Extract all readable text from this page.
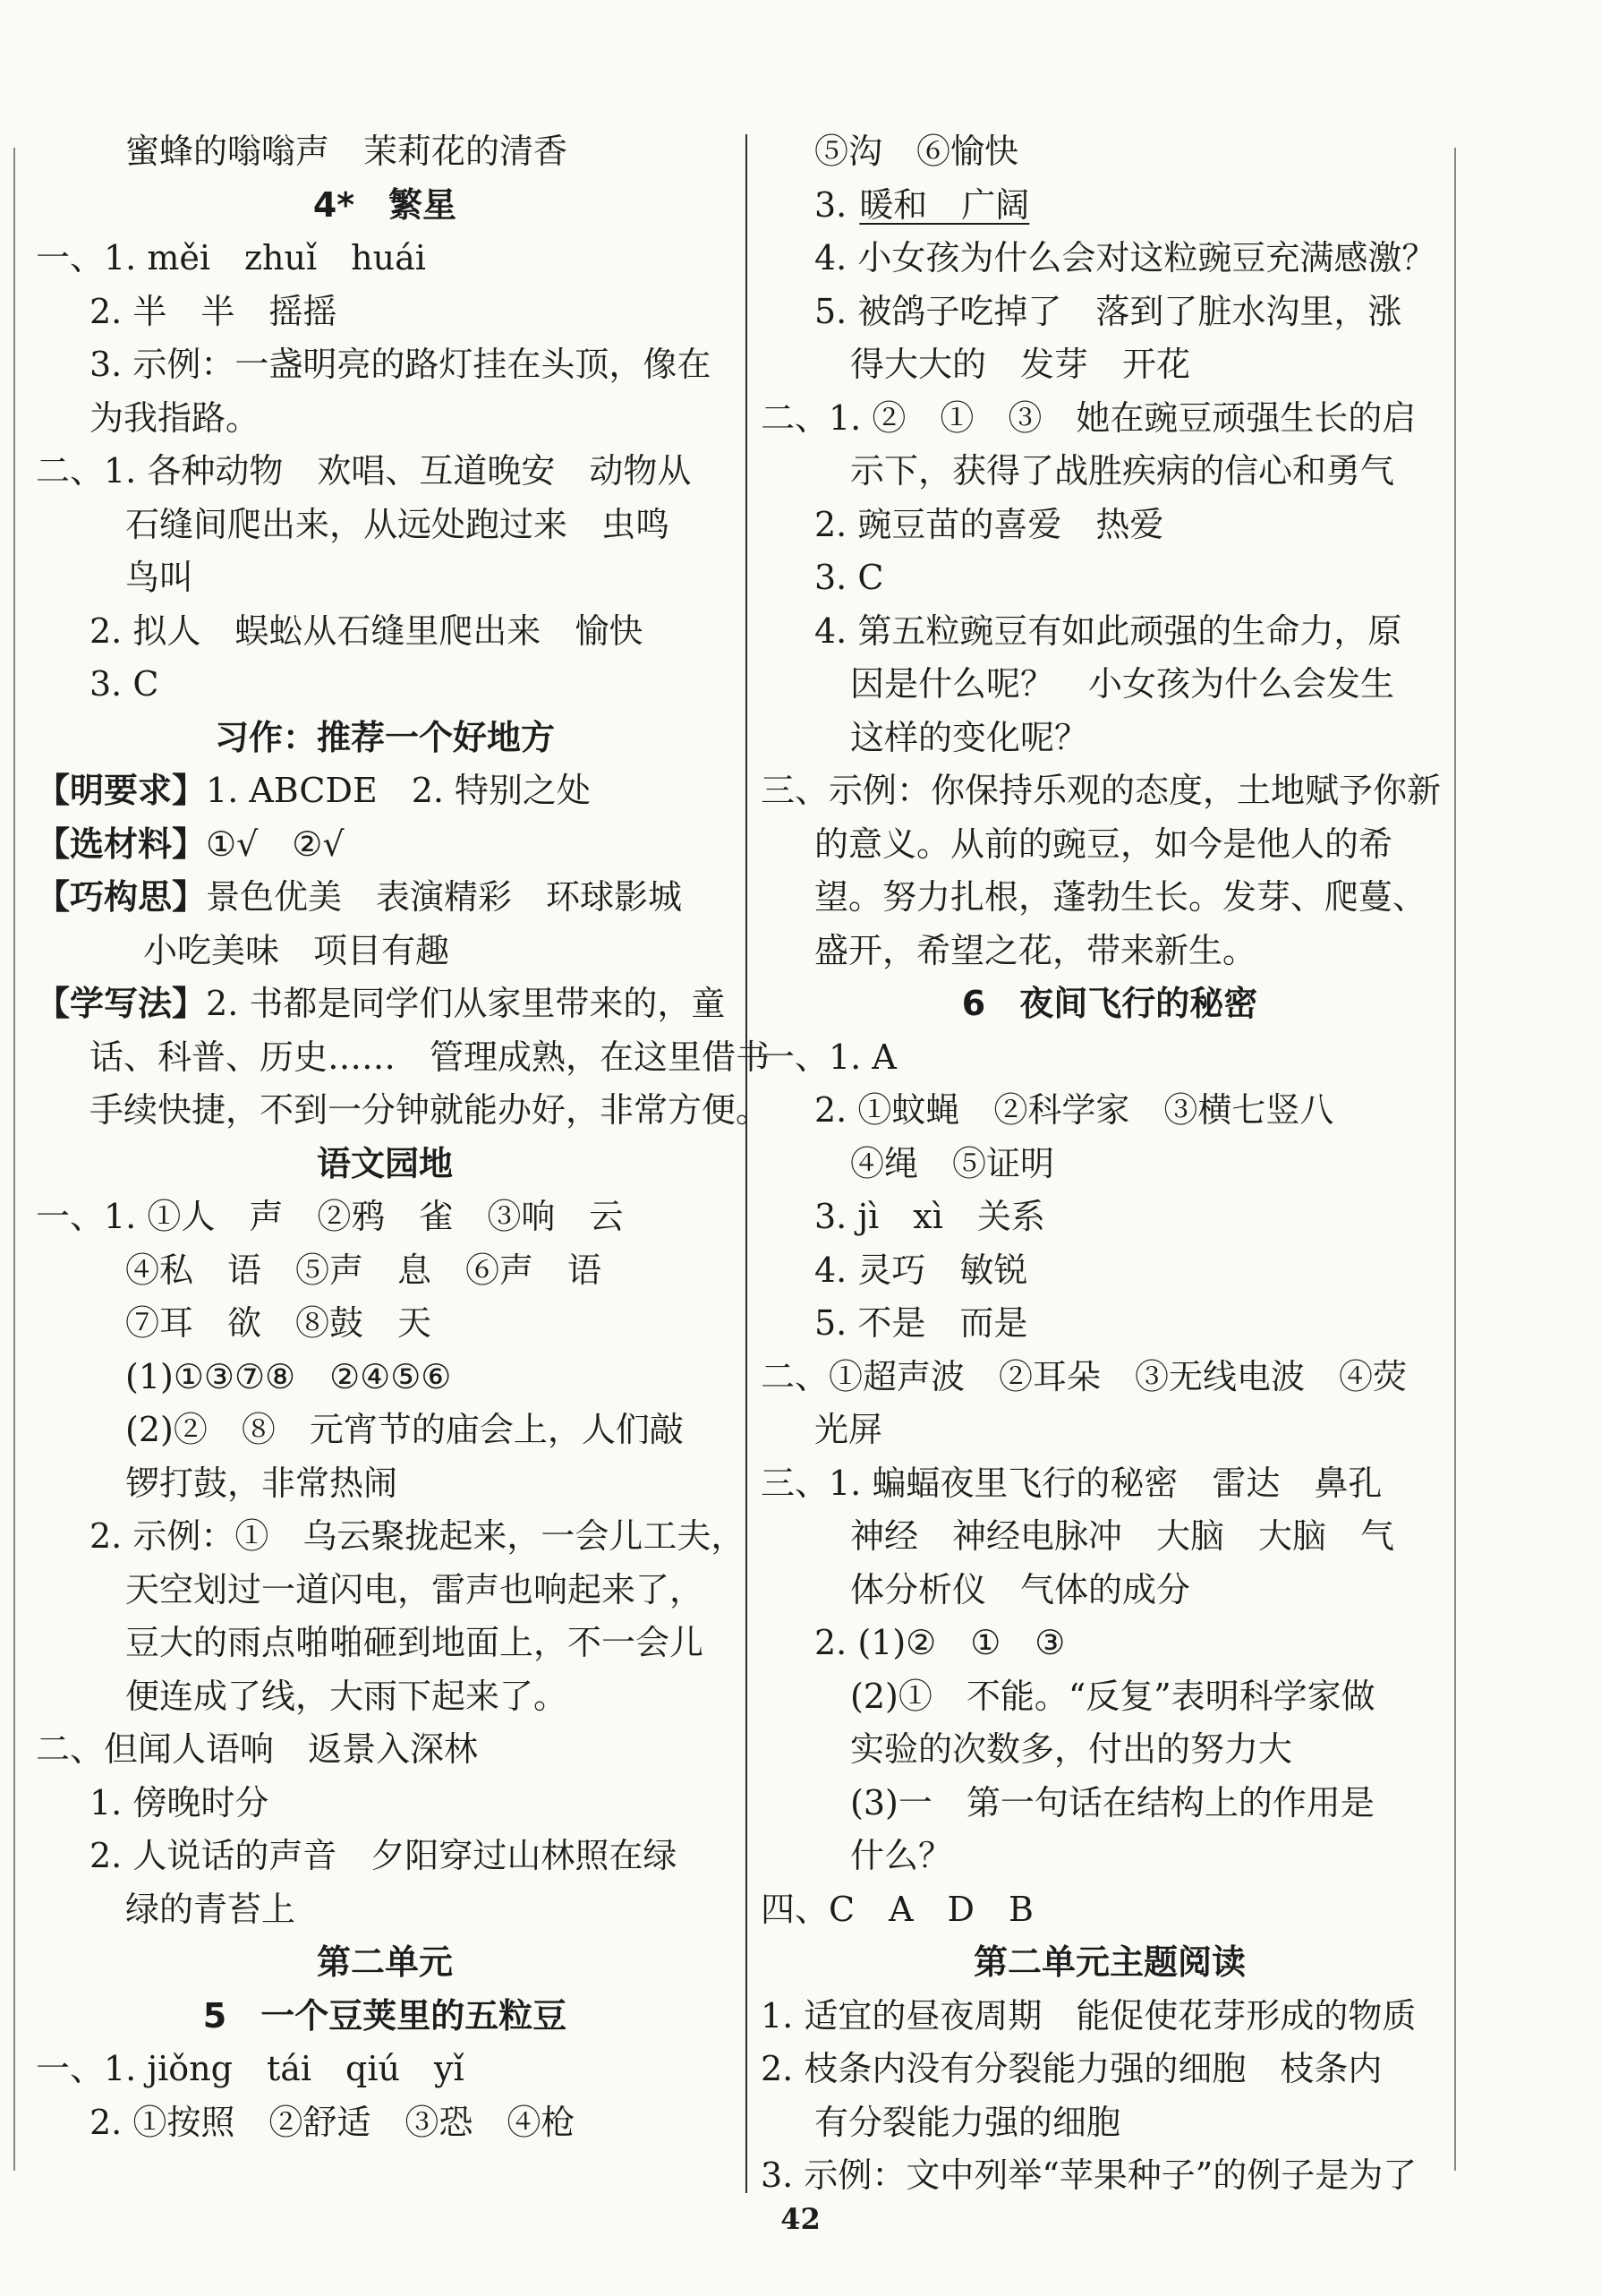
蜜蜂的嗡嗡声　茉莉花的清香
4*　繁星
一、1. měi　zhuǐ　huái
2. 半　半　摇摇
3. 示例：一盏明亮的路灯挂在头顶，像在
为我指路。
二、1. 各种动物　欢唱、互道晚安　动物从
石缝间爬出来，从远处跑过来　虫鸣
鸟叫
2. 拟人　蜈蚣从石缝里爬出来　愉快
3. C
习作：推荐一个好地方
【明要求】1. ABCDE　2. 特别之处
【选材料】①√　②√
【巧构思】景色优美　表演精彩　环球影城
小吃美味　项目有趣
【学写法】2. 书都是同学们从家里带来的，童
话、科普、历史……　管理成熟，在这里借书
手续快捷，不到一分钟就能办好，非常方便。
语文园地
一、1. ①人　声　②鸦　雀　③响　云
④私　语　⑤声　息　⑥声　语
⑦耳　欲　⑧鼓　天
(1)①③⑦⑧　②④⑤⑥
(2)②　⑧　元宵节的庙会上，人们敲
锣打鼓，非常热闹
2. 示例：①　乌云聚拢起来，一会儿工夫，
天空划过一道闪电，雷声也响起来了，
豆大的雨点啪啪砸到地面上，不一会儿
便连成了线，大雨下起来了。
二、但闻人语响　返景入深林
1. 傍晚时分
2. 人说话的声音　夕阳穿过山林照在绿
绿的青苔上
第二单元
5　一个豆荚里的五粒豆
一、1. jiǒng　tái　qiú　yǐ
2. ①按照　②舒适　③恐　④枪
⑤沟　⑥愉快
3. 暖和　广阔
4. 小女孩为什么会对这粒豌豆充满感激？
5. 被鸽子吃掉了　落到了脏水沟里，涨
得大大的　发芽　开花
二、1. ②　①　③　她在豌豆顽强生长的启
示下，获得了战胜疾病的信心和勇气
2. 豌豆苗的喜爱　热爱
3. C
4. 第五粒豌豆有如此顽强的生命力，原
因是什么呢？　小女孩为什么会发生
这样的变化呢？
三、示例：你保持乐观的态度，土地赋予你新
的意义。从前的豌豆，如今是他人的希
望。努力扎根，蓬勃生长。发芽、爬蔓、
盛开，希望之花，带来新生。
6　夜间飞行的秘密
一、1. A
2. ①蚊蝇　②科学家　③横七竖八
④绳　⑤证明
3. jì　xì　关系
4. 灵巧　敏锐
5. 不是　而是
二、①超声波　②耳朵　③无线电波　④荧
光屏
三、1. 蝙蝠夜里飞行的秘密　雷达　鼻孔
神经　神经电脉冲　大脑　大脑　气
体分析仪　气体的成分
2. (1)②　①　③
(2)①　不能。“反复”表明科学家做
实验的次数多，付出的努力大
(3)一　第一句话在结构上的作用是
什么？
四、C　A　D　B
第二单元主题阅读
1. 适宜的昼夜周期　能促使花芽形成的物质
2. 枝条内没有分裂能力强的细胞　枝条内
有分裂能力强的细胞
3. 示例：文中列举“苹果种子”的例子是为了
42
